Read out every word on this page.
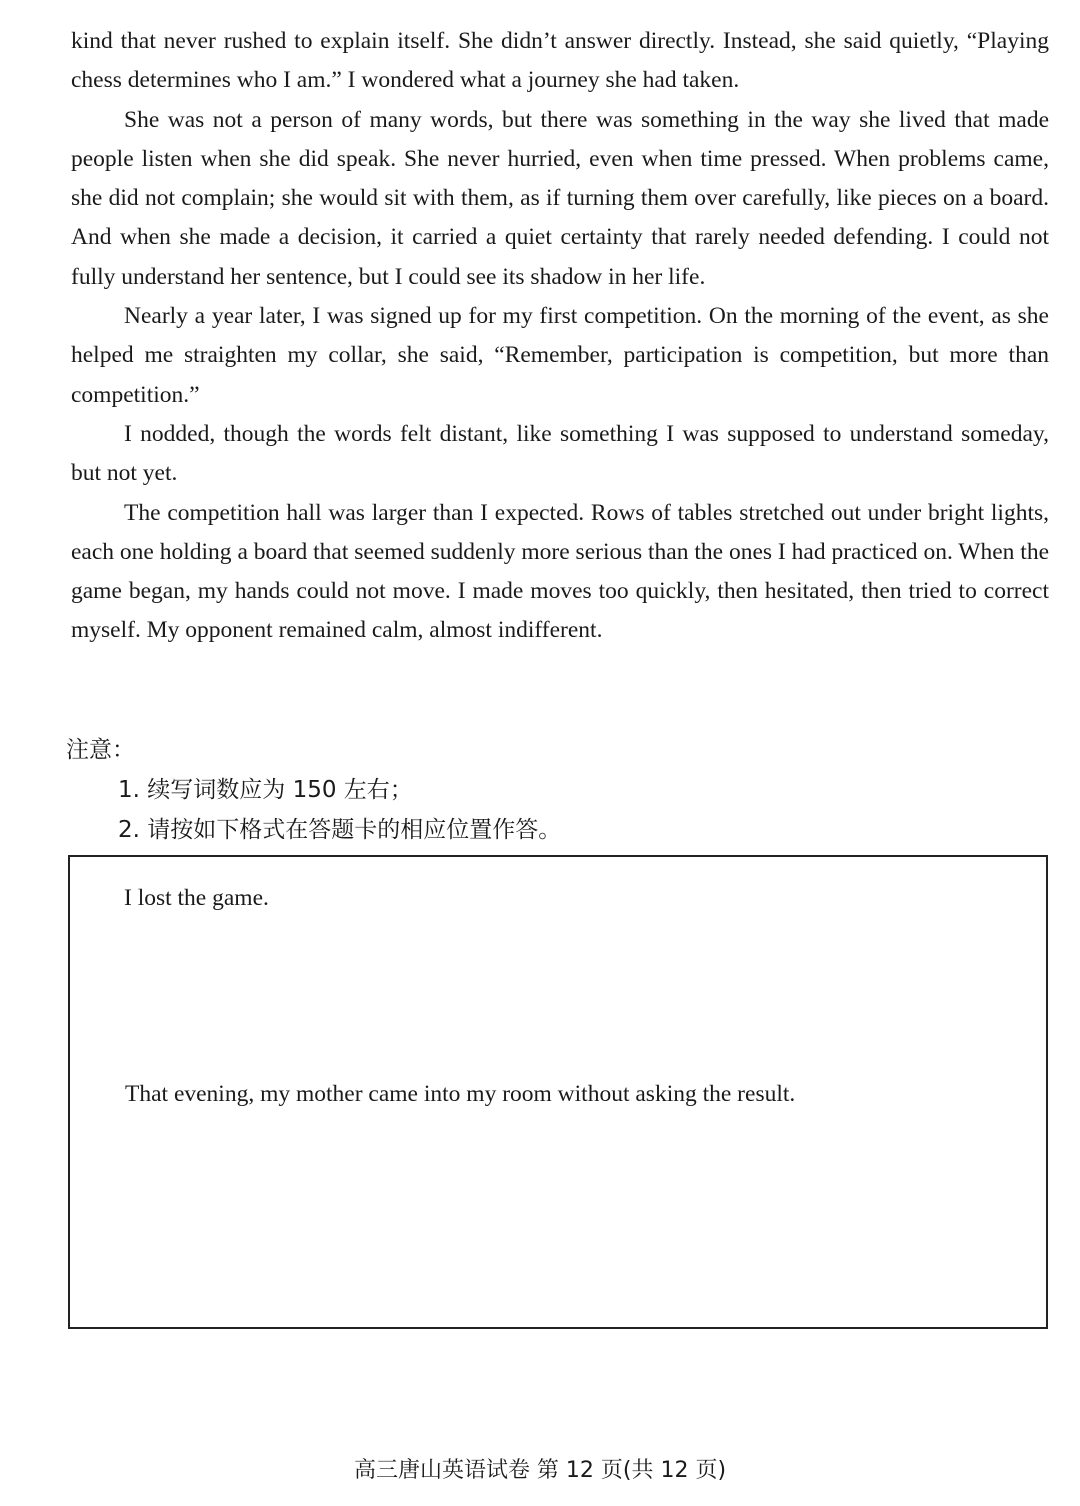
kind that never rushed to explain itself. She didn’t answer directly. Instead, she said quietly, “Playing chess determines who I am.” I wondered what a journey she had taken.

She was not a person of many words, but there was something in the way she lived that made people listen when she did speak. She never hurried, even when time pressed. When problems came, she did not complain; she would sit with them, as if turning them over carefully, like pieces on a board. And when she made a decision, it carried a quiet certainty that rarely needed defending. I could not fully understand her sentence, but I could see its shadow in her life.

Nearly a year later, I was signed up for my first competition. On the morning of the event, as she helped me straighten my collar, she said, “Remember, participation is competition, but more than competition.”

I nodded, though the words felt distant, like something I was supposed to understand someday, but not yet.

The competition hall was larger than I expected. Rows of tables stretched out under bright lights, each one holding a board that seemed suddenly more serious than the ones I had practiced on. When the game began, my hands could not move. I made moves too quickly, then hesitated, then tried to correct myself. My opponent remained calm, almost indifferent.

注意：

1. 续写词数应为 150 左右；

2. 请按如下格式在答题卡的相应位置作答。

I lost the game.
That evening, my mother came into my room without asking the result.
高三唐山英语试卷 第 12 页(共 12 页)
